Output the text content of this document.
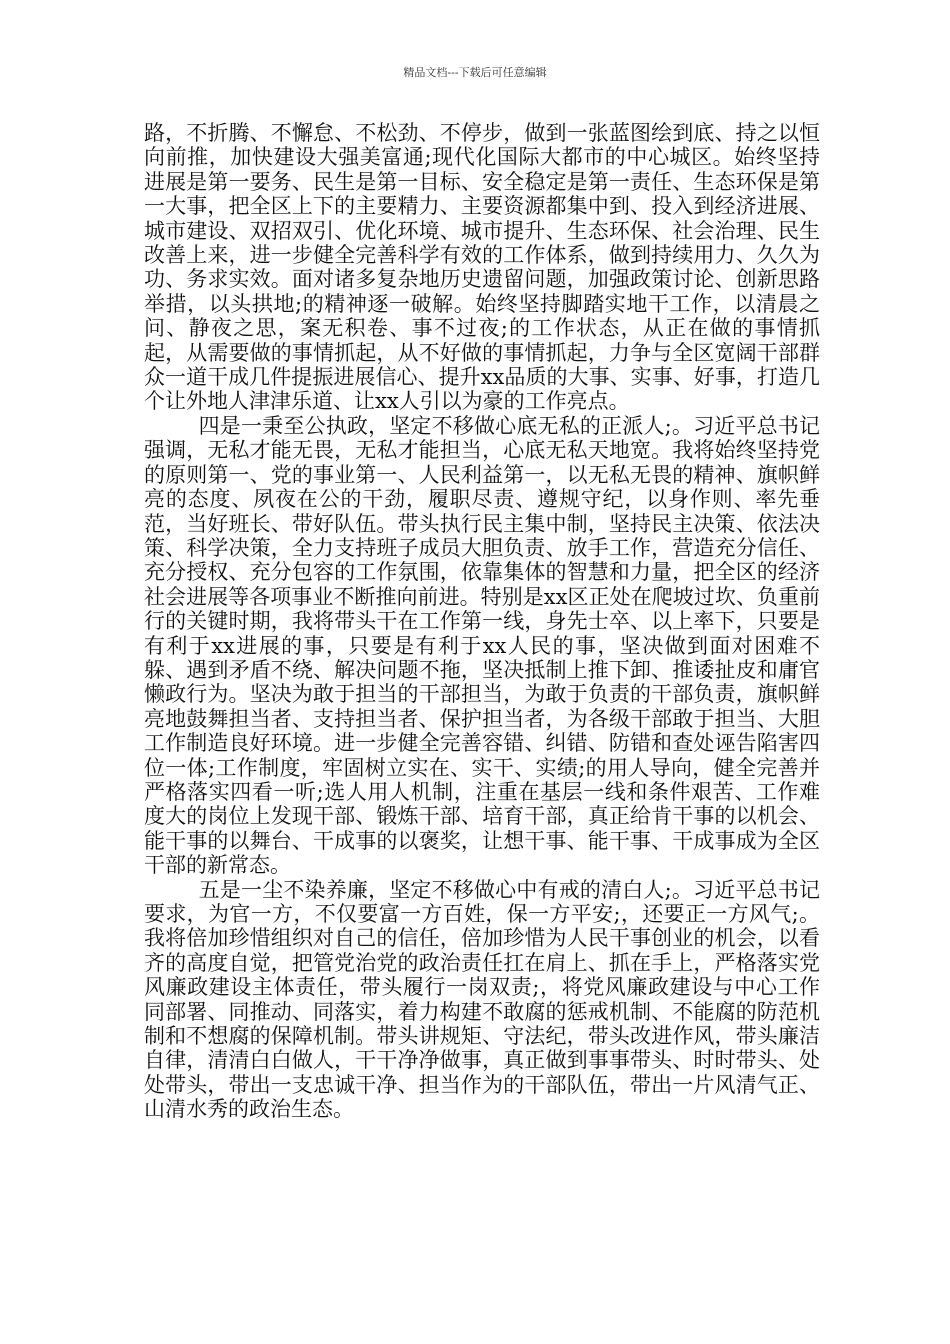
精品文档---下载后可任意编辑

路，不折腾、不懈怠、不松劲、不停步，做到一张蓝图绘到底、持之以恒向前推，加快建设大强美富通;现代化国际大都市的中心城区。始终坚持进展是第一要务、民生是第一目标、安全稳定是第一责任、生态环保是第一大事，把全区上下的主要精力、主要资源都集中到、投入到经济进展、城市建设、双招双引、优化环境、城市提升、生态环保、社会治理、民生改善上来，进一步健全完善科学有效的工作体系，做到持续用力、久久为功、务求实效。面对诸多复杂地历史遗留问题，加强政策讨论、创新思路举措，以头拱地;的精神逐一破解。始终坚持脚踏实地干工作，以清晨之问、静夜之思，案无积卷、事不过夜;的工作状态，从正在做的事情抓起，从需要做的事情抓起，从不好做的事情抓起，力争与全区宽阔干部群众一道干成几件提振进展信心、提升xx品质的大事、实事、好事，打造几个让外地人津津乐道、让xx人引以为豪的工作亮点。

四是一秉至公执政，坚定不移做心底无私的正派人;。习近平总书记强调，无私才能无畏，无私才能担当，心底无私天地宽。我将始终坚持党的原则第一、党的事业第一、人民利益第一，以无私无畏的精神、旗帜鲜亮的态度、夙夜在公的干劲，履职尽责、遵规守纪，以身作则、率先垂范，当好班长、带好队伍。带头执行民主集中制，坚持民主决策、依法决策、科学决策，全力支持班子成员大胆负责、放手工作，营造充分信任、充分授权、充分包容的工作氛围，依靠集体的智慧和力量，把全区的经济社会进展等各项事业不断推向前进。特别是xx区正处在爬坡过坎、负重前行的关键时期，我将带头干在工作第一线，身先士卒、以上率下，只要是有利于xx进展的事，只要是有利于xx人民的事，坚决做到面对困难不躲、遇到矛盾不绕、解决问题不拖，坚决抵制上推下卸、推诿扯皮和庸官懒政行为。坚决为敢于担当的干部担当，为敢于负责的干部负责，旗帜鲜亮地鼓舞担当者、支持担当者、保护担当者，为各级干部敢于担当、大胆工作制造良好环境。进一步健全完善容错、纠错、防错和查处诬告陷害四位一体;工作制度，牢固树立实在、实干、实绩;的用人导向，健全完善并严格落实四看一听;选人用人机制，注重在基层一线和条件艰苦、工作难度大的岗位上发现干部、锻炼干部、培育干部，真正给肯干事的以机会、能干事的以舞台、干成事的以褒奖，让想干事、能干事、干成事成为全区干部的新常态。

五是一尘不染养廉，坚定不移做心中有戒的清白人;。习近平总书记要求，为官一方，不仅要富一方百姓，保一方平安;，还要正一方风气;。我将倍加珍惜组织对自己的信任，倍加珍惜为人民干事创业的机会，以看齐的高度自觉，把管党治党的政治责任扛在肩上、抓在手上，严格落实党风廉政建设主体责任，带头履行一岗双责;，将党风廉政建设与中心工作同部署、同推动、同落实，着力构建不敢腐的惩戒机制、不能腐的防范机制和不想腐的保障机制。带头讲规矩、守法纪，带头改进作风，带头廉洁自律，清清白白做人，干干净净做事，真正做到事事带头、时时带头、处处带头，带出一支忠诚干净、担当作为的干部队伍，带出一片风清气正、山清水秀的政治生态。
